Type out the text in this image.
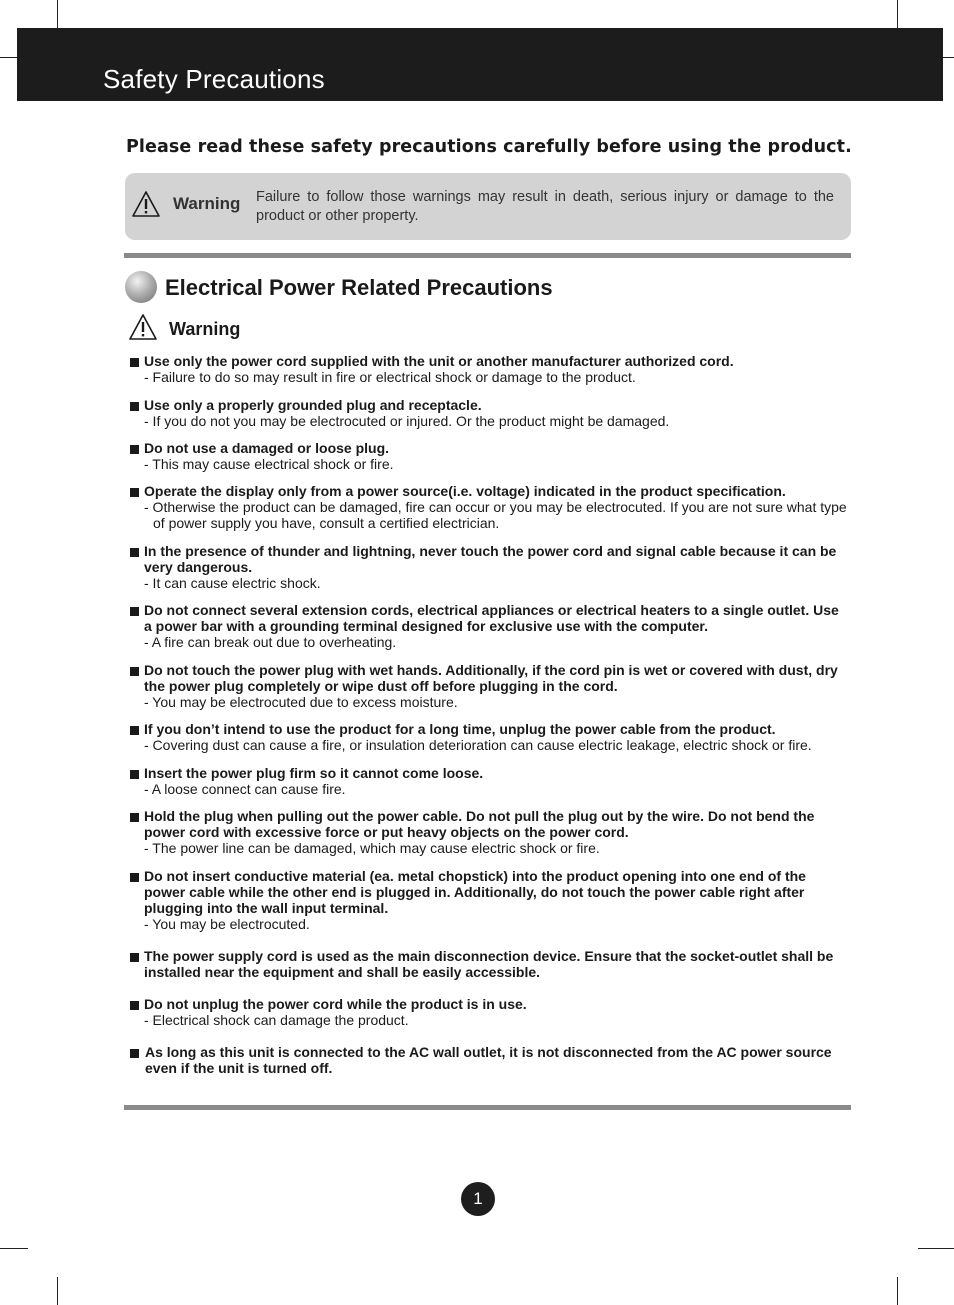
Safety Precautions
Please read these safety precautions carefully before using the product.
Warning Failure to follow those warnings may result in death, serious injury or damage to the product or other property.
Electrical Power Related Precautions
Warning
Use only the power cord supplied with the unit or another manufacturer authorized cord.
- Failure to do so may result in fire or electrical shock or damage to the product.
Use only a properly grounded plug and receptacle.
- If you do not you may be electrocuted or injured. Or the product might be damaged.
Do not use a damaged or loose plug.
- This may cause electrical shock or fire.
Operate the display only from a power source(i.e. voltage) indicated in the product specification.
- Otherwise the product can be damaged, fire can occur or you may be electrocuted. If you are not sure what type of power supply you have, consult a certified electrician.
In the presence of thunder and lightning, never touch the power cord and signal cable because it can be very dangerous.
- It can cause electric shock.
Do not connect several extension cords, electrical appliances or electrical heaters to a single outlet. Use a power bar with a grounding terminal designed for exclusive use with the computer.
- A fire can break out due to overheating.
Do not touch the power plug with wet hands. Additionally, if the cord pin is wet or covered with dust, dry the power plug completely or wipe dust off before plugging in the cord.
- You may be electrocuted due to excess moisture.
If you don’t intend to use the product for a long time, unplug the power cable from the product.
- Covering dust can cause a fire, or insulation deterioration can cause electric leakage, electric shock or fire.
Insert the power plug firm so it cannot come loose.
- A loose connect can cause fire.
Hold the plug when pulling out the power cable. Do not pull the plug out by the wire. Do not bend the power cord with excessive force or put heavy objects on the power cord.
- The power line can be damaged, which may cause electric shock or fire.
Do not insert conductive material (ea. metal chopstick) into the product opening into one end of the power cable while the other end is plugged in. Additionally, do not touch the power cable right after plugging into the wall input terminal.
- You may be electrocuted.
The power supply cord is used as the main disconnection device. Ensure that the socket-outlet shall be installed near the equipment and shall be easily accessible.
Do not unplug the power cord while the product is in use.
- Electrical shock can damage the product.
As long as this unit is connected to the AC wall outlet, it is not disconnected from the AC power source even if the unit is turned off.
1
